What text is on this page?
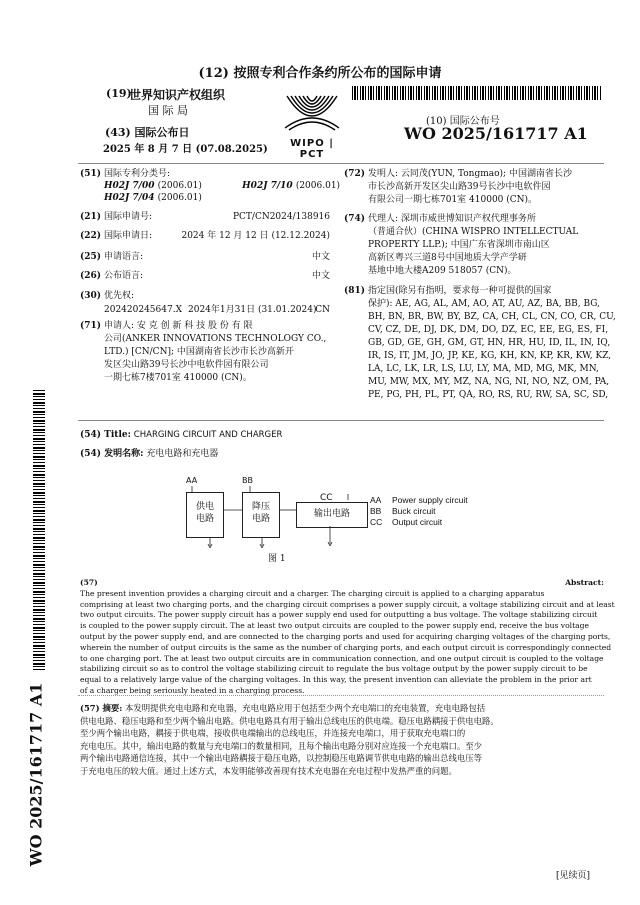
(12) 按照专利合作条约所公布的国际申请
(19)
世界知识产权组织
国 际 局
(43) 国际公布日
2025 年 8 月 7 日 (07.08.2025)
WIPO | PCT
(10) 国际公布号
WO 2025/161717 A1
(51) 国际专利分类号:
H02J 7/00 (2006.01)	H02J 7/10 (2006.01)
H02J 7/04 (2006.01)
(21) 国际申请号:	PCT/CN2024/138916
(22) 国际申请日:	2024 年 12 月 12 日 (12.12.2024)
(25) 申请语言:	中文
(26) 公布语言:	中文
(30) 优先权:
202420245647.X 2024年1月31日 (31.01.2024)
CN
(71) 申请人: 安 克 创 新 科 技 股 份 有 限
公司(ANKER INNOVATIONS TECHNOLOGY CO.,
LTD.) [CN/CN]; 中国湖南省长沙市长沙高新开
发区尖山路39号长沙中电软件园有限公司
一期七栋7楼701室 410000 (CN)。
(72) 发明人: 云同茂(YUN, Tongmao); 中国湖南省长沙
市长沙高新开发区尖山路39号长沙中电软件园
有限公司一期七栋701室 410000 (CN)。
(74) 代理人: 深圳市威世博知识产权代理事务所
（普通合伙）(CHINA WISPRO INTELLECTUAL
PROPERTY LLP.); 中国广东省深圳市南山区
高新区粤兴三道8号中国地质大学产学研
基地中地大楼A209 518057 (CN)。
(81) 指定国(除另有指明，要求每一种可提供的国家
保护): AE, AG, AL, AM, AO, AT, AU, AZ, BA, BB, BG,
BH, BN, BR, BW, BY, BZ, CA, CH, CL, CN, CO, CR, CU,
CV, CZ, DE, DJ, DK, DM, DO, DZ, EC, EE, EG, ES, FI,
GB, GD, GE, GH, GM, GT, HN, HR, HU, ID, IL, IN, IQ,
IR, IS, IT, JM, JO, JP, KE, KG, KH, KN, KP, KR, KW, KZ,
LA, LC, LK, LR, LS, LU, LY, MA, MD, MG, MK, MN,
MU, MW, MX, MY, MZ, NA, NG, NI, NO, NZ, OM, PA,
PE, PG, PH, PL, PT, QA, RO, RS, RU, RW, SA, SC, SD,
WO 2025/161717 A1
(54) Title: CHARGING CIRCUIT AND CHARGER
(54) 发明名称: 充电电路和充电器
AA	BB
CC
供电
电路
降压
电路	输出电路
图 1
AA Power supply circuit
BB Buck circuit
CC Output circuit
(57) Abstract: The present invention provides a charging circuit and a charger. The charging circuit is applied to a charging apparatus
comprising at least two charging ports, and the charging circuit comprises a power supply circuit, a voltage stabilizing circuit and at least
two output circuits. The power supply circuit has a power supply end used for outputting a bus voltage. The voltage stabilizing circuit
is coupled to the power supply circuit. The at least two output circuits are coupled to the power supply end, receive the bus voltage
output by the power supply end, and are connected to the charging ports and used for acquiring charging voltages of the charging ports,
wherein the number of output circuits is the same as the number of charging ports, and each output circuit is correspondingly connected
to one charging port. The at least two output circuits are in communication connection, and one output circuit is coupled to the voltage
stabilizing circuit so as to control the voltage stabilizing circuit to regulate the bus voltage output by the power supply circuit to be
equal to a relatively large value of the charging voltages. In this way, the present invention can alleviate the problem in the prior art
of a charger being seriously heated in a charging process.
(57) 摘要: 本发明提供充电电路和充电器，充电电路应用于包括至少两个充电端口的充电装置，充电电路包括
供电电路、稳压电路和至少两个输出电路。供电电路具有用于输出总线电压的供电端。稳压电路耦接于供电电路。
至少两个输出电路，耦接于供电端，接收供电端输出的总线电压，并连接充电端口，用于获取充电端口的
充电电压。其中，输出电路的数量与充电端口的数量相同，且每个输出电路分别对应连接一个充电端口。至少
两个输出电路通信连接，其中一个输出电路耦接于稳压电路，以控制稳压电路调节供电电路的输出总线电压等
于充电电压的较大值。通过上述方式，本发明能够改善现有技术充电器在充电过程中发热严重的问题。
[见续页]
